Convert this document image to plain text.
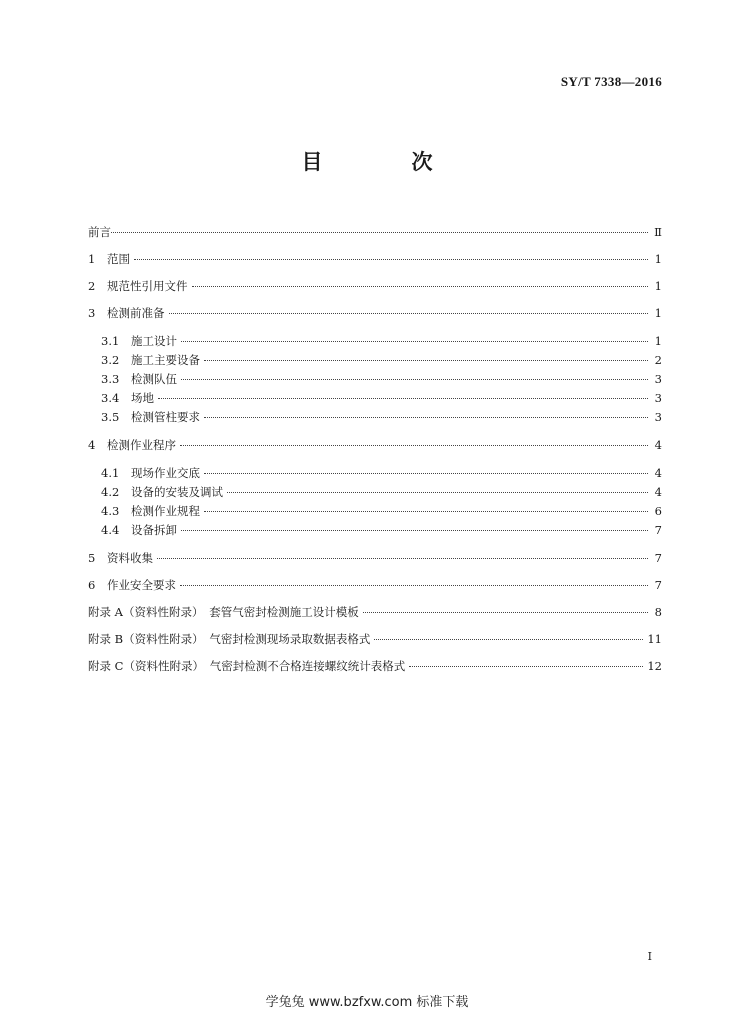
SY/T 7338—2016
目　次
前言	Ⅱ
1	范围	1
2	规范性引用文件	1
3	检测前准备	1
3.1	施工设计	1
3.2	施工主要设备	2
3.3	检测队伍	3
3.4	场地	3
3.5	检测管柱要求	3
4	检测作业程序	4
4.1	现场作业交底	4
4.2	设备的安装及调试	4
4.3	检测作业规程	6
4.4	设备拆卸	7
5	资料收集	7
6	作业安全要求	7
附录 A（资料性附录）　套管气密封检测施工设计模板	8
附录 B（资料性附录）　气密封检测现场录取数据表格式	11
附录 C（资料性附录）　气密封检测不合格连接螺纹统计表格式	12
I
学兔兔 www.bzfxw.com 标准下载
